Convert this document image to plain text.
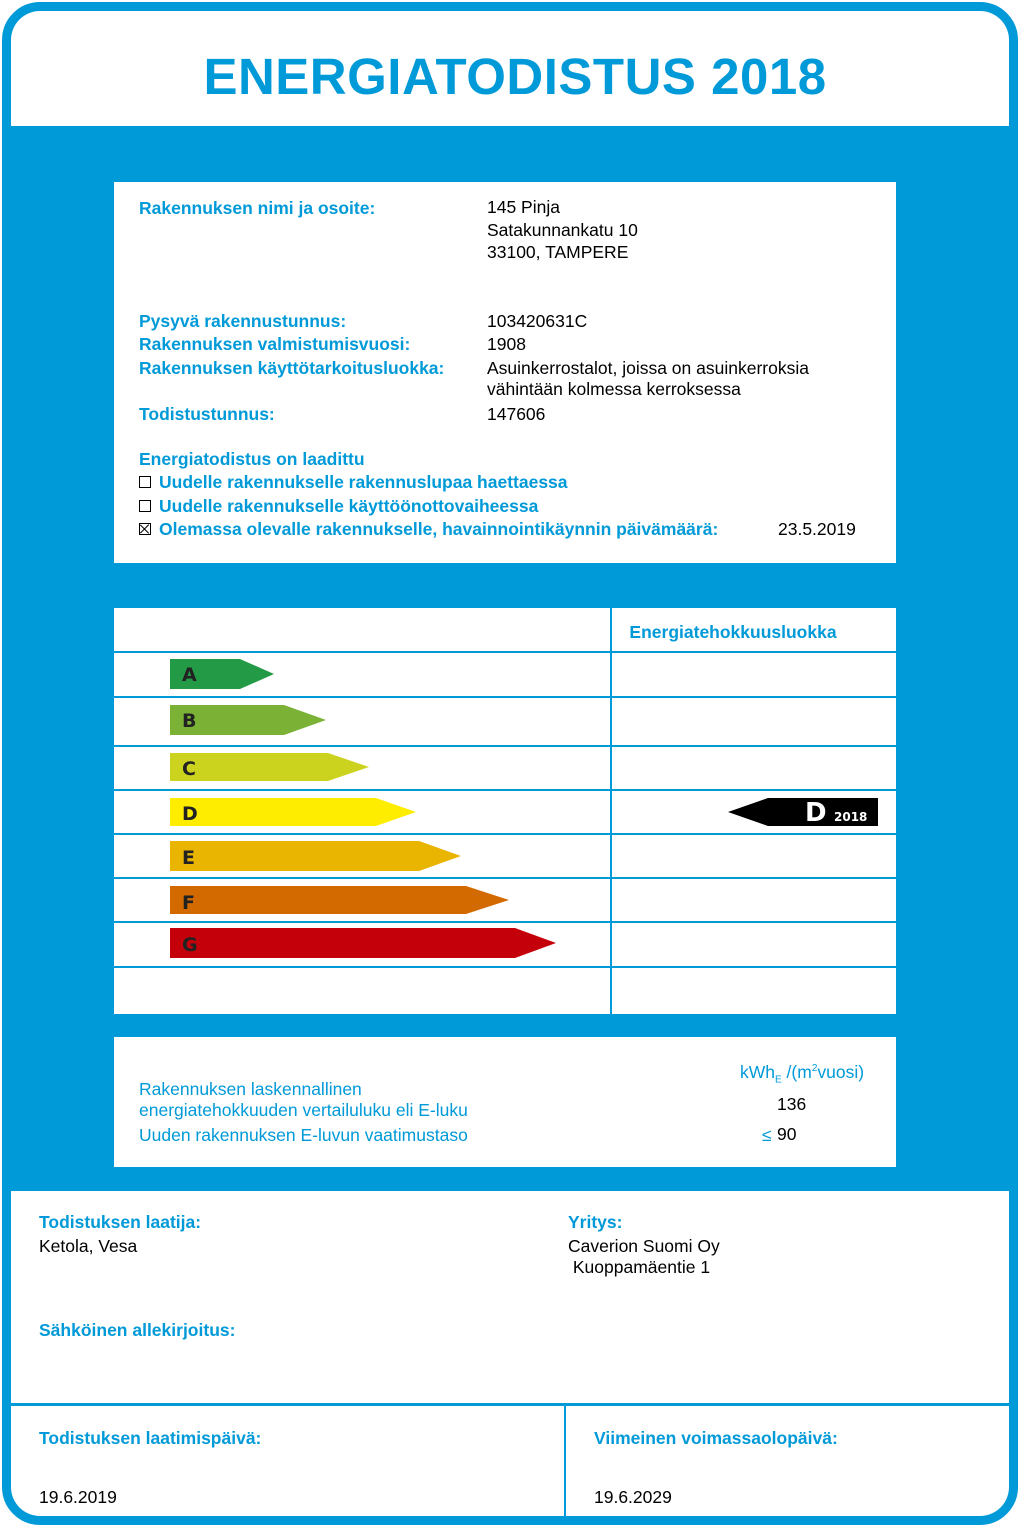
ENERGIATODISTUS 2018
Rakennuksen nimi ja osoite:	145 Pinja
Satakunnankatu 10
33100, TAMPERE
Pysyvä rakennustunnus:	103420631C
Rakennuksen valmistumisvuosi:	1908
Rakennuksen käyttötarkoitusluokka: Asuinkerrostalot, joissa on asuinkerroksia
vähintään kolmessa kerroksessa
Todistustunnus:	147606
Energiatodistus on laadittu
Uudelle rakennukselle rakennuslupaa haettaessa
Uudelle rakennukselle käyttöönottovaiheessa
Olemassa olevalle rakennukselle, havainnointikäynnin päivämäärä:	23.5.2019
Energiatehokkuusluokka
A
B
C
D
E
F
G
D 2018
kWh$_E$ $/(m^2vuosi)$
Rakennuksen laskennallinen
energiatehokkuuden vertailuluku eli E-luku	136
Uuden rakennuksen E-luvun vaatimustaso	≤ 90
Todistuksen laatija:
Ketola, Vesa
Yritys:
Caverion Suomi Oy
Kuoppamäentie 1
Sähköinen allekirjoitus:
Todistuksen laatimispäivä:
19.6.2019
Viimeinen voimassaolopäivä:
19.6.2029
